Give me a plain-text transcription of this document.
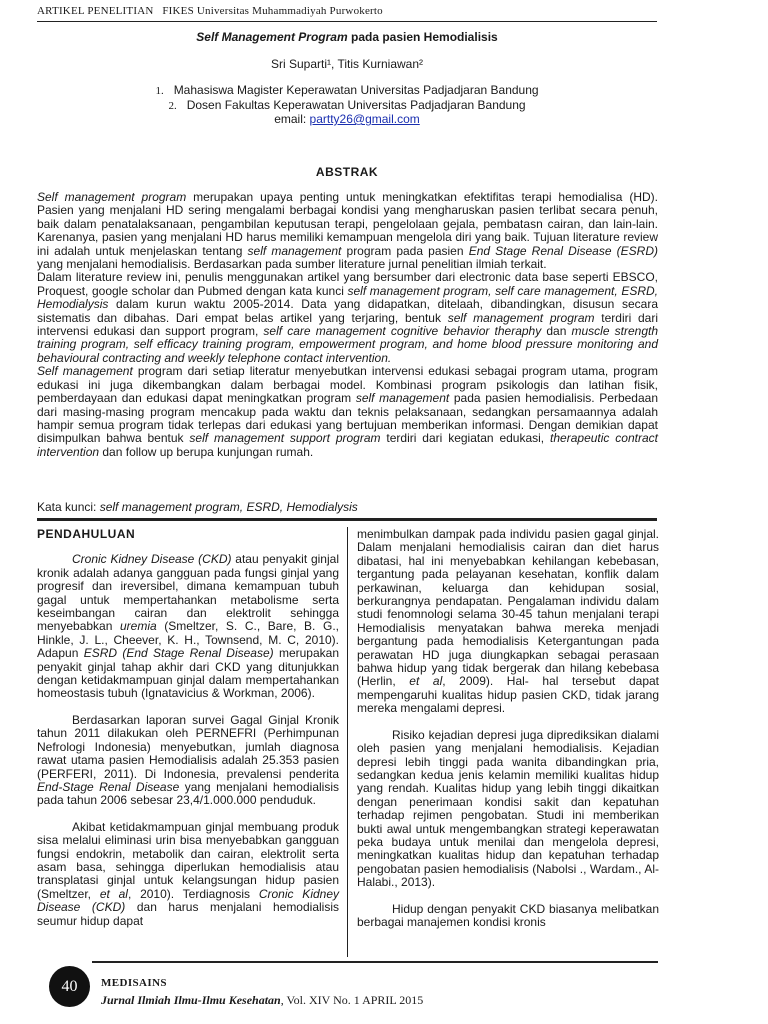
ARTIKEL PENELITIAN FIKES Universitas Muhammadiyah Purwokerto
Self Management Program pada pasien Hemodialisis
Sri Suparti¹, Titis Kurniawan²
1. Mahasiswa Magister Keperawatan Universitas Padjadjaran Bandung
2. Dosen Fakultas Keperawatan Universitas Padjadjaran Bandung
email: partty26@gmail.com
ABSTRAK

Self management program merupakan upaya penting untuk meningkatkan efektifitas terapi hemodialisa (HD). Pasien yang menjalani HD sering mengalami berbagai kondisi yang mengharuskan pasien terlibat secara penuh, baik dalam penatalaksanaan, pengambilan keputusan terapi, pengelolaan gejala, pembatasn cairan, dan lain-lain. Karenanya, pasien yang menjalani HD harus memiliki kemampuan mengelola diri yang baik. Tujuan literature review ini adalah untuk menjelaskan tentang self management program pada pasien End Stage Renal Disease (ESRD) yang menjalani hemodialisis. Berdasarkan pada sumber literature jurnal penelitian ilmiah terkait.

Dalam literature review ini, penulis menggunakan artikel yang bersumber dari electronic data base seperti EBSCO, Proquest, google scholar dan Pubmed dengan kata kunci self management program, self care management, ESRD, Hemodialysis dalam kurun waktu 2005-2014. Data yang didapatkan, ditelaah, dibandingkan, disusun secara sistematis dan dibahas. Dari empat belas artikel yang terjaring, bentuk self management program terdiri dari intervensi edukasi dan support program, self care management cognitive behavior theraphy dan muscle strength training program, self efficacy training program, empowerment program, and home blood pressure monitoring and behavioural contracting and weekly telephone contact intervention.

Self management program dari setiap literatur menyebutkan intervensi edukasi sebagai program utama, program edukasi ini juga dikembangkan dalam berbagai model. Kombinasi program psikologis dan latihan fisik, pemberdayaan dan edukasi dapat meningkatkan program self management pada pasien hemodialisis. Perbedaan dari masing-masing program mencakup pada waktu dan teknis pelaksanaan, sedangkan persamaannya adalah hampir semua program tidak terlepas dari edukasi yang bertujuan memberikan informasi. Dengan demikian dapat disimpulkan bahwa bentuk self management support program terdiri dari kegiatan edukasi, therapeutic contract intervention dan follow up berupa kunjungan rumah.

Kata kunci: self management program, ESRD, Hemodialysis
PENDAHULUAN

Cronic Kidney Disease (CKD) atau penyakit ginjal kronik adalah adanya gangguan pada fungsi ginjal yang progresif dan ireversibel, dimana kemampuan tubuh gagal untuk mempertahankan metabolisme serta keseimbangan cairan dan elektrolit sehingga menyebabkan uremia (Smeltzer, S. C., Bare, B. G., Hinkle, J. L., Cheever, K. H., Townsend, M. C, 2010). Adapun ESRD (End Stage Renal Disease) merupakan penyakit ginjal tahap akhir dari CKD yang ditunjukkan dengan ketidakmampuan ginjal dalam mempertahankan homeostasis tubuh (Ignatavicius & Workman, 2006).

Berdasarkan laporan survei Gagal Ginjal Kronik tahun 2011 dilakukan oleh PERNEFRI (Perhimpunan Nefrologi Indonesia) menyebutkan, jumlah diagnosa rawat utama pasien Hemodialisis adalah 25.353 pasien (PERFERI, 2011). Di Indonesia, prevalensi penderita End-Stage Renal Disease yang menjalani hemodialisis pada tahun 2006 sebesar 23,4/1.000.000 penduduk.

Akibat ketidakmampuan ginjal membuang produk sisa melalui eliminasi urin bisa menyebabkan gangguan fungsi endokrin, metabolik dan cairan, elektrolit serta asam basa, sehingga diperlukan hemodialisis atau transplatasi ginjal untuk kelangsungan hidup pasien (Smeltzer, et al, 2010). Terdiagnosis Cronic Kidney Disease (CKD) dan harus menjalani hemodialisis seumur hidup dapat

menimbulkan dampak pada individu pasien gagal ginjal. Dalam menjalani hemodialisis cairan dan diet harus dibatasi, hal ini menyebabkan kehilangan kebebasan, tergantung pada pelayanan kesehatan, konflik dalam perkawinan, keluarga dan kehidupan sosial, berkurangnya pendapatan. Pengalaman individu dalam studi fenomnologi selama 30-45 tahun menjalani terapi Hemodialisis menyatakan bahwa mereka menjadi bergantung pada hemodialisis Ketergantungan pada perawatan HD juga diungkapkan sebagai perasaan bahwa hidup yang tidak bergerak dan hilang kebebasa (Herlin, et al, 2009). Hal- hal tersebut dapat mempengaruhi kualitas hidup pasien CKD, tidak jarang mereka mengalami depresi.

Risiko kejadian depresi juga diprediksikan dialami oleh pasien yang menjalani hemodialisis. Kejadian depresi lebih tinggi pada wanita dibandingkan pria, sedangkan kedua jenis kelamin memiliki kualitas hidup yang rendah. Kualitas hidup yang lebih tinggi dikaitkan dengan penerimaan kondisi sakit dan kepatuhan terhadap rejimen pengobatan. Studi ini memberikan bukti awal untuk mengembangkan strategi keperawatan peka budaya untuk menilai dan mengelola depresi, meningkatkan kualitas hidup dan kepatuhan terhadap pengobatan pasien hemodialisis (Nabolsi ., Wardam., Al-Halabi., 2013).

Hidup dengan penyakit CKD biasanya melibatkan berbagai manajemen kondisi kronis

40	MEDISAINS
Jurnal Ilmiah Ilmu-Ilmu Kesehatan, Vol. XIV No. 1 APRIL 2015
